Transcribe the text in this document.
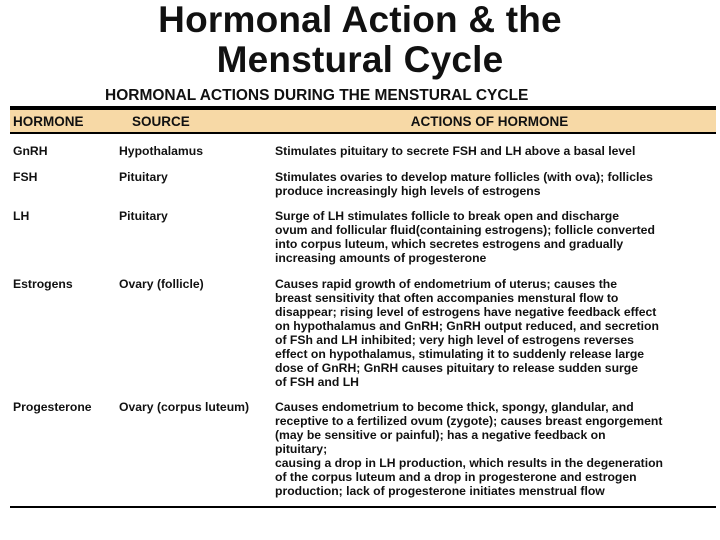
Hormonal Action & the
Menstural Cycle
HORMONAL ACTIONS DURING THE MENSTURAL CYCLE
HORMONE	SOURCE	ACTIONS OF HORMONE
GnRH	Hypothalamus	Stimulates pituitary to secrete FSH and LH above a basal level
FSH	Pituitary	Stimulates ovaries to develop mature follicles (with ova); follicles
produce increasingly high levels of estrogens
LH	Pituitary	Surge of LH stimulates follicle to break open and discharge
ovum and follicular fluid(containing estrogens); follicle converted
into corpus luteum, which secretes estrogens and gradually
increasing amounts of progesterone
Estrogens	Ovary (follicle)	Causes rapid growth of endometrium of uterus; causes the
breast sensitivity that often accompanies menstural flow to
disappear; rising level of estrogens have negative feedback effect
on hypothalamus and GnRH; GnRH output reduced, and secretion
of FSh and LH inhibited; very high level of estrogens reverses
effect on hypothalamus, stimulating it to suddenly release large
dose of GnRH; GnRH causes pituitary to release sudden surge
of FSH and LH
Progesterone	Ovary (corpus luteum)	Causes endometrium to become thick, spongy, glandular, and
receptive to a fertilized ovum (zygote); causes breast engorgement
(may be sensitive or painful); has a negative feedback on
pituitary;
causing a drop in LH production, which results in the degeneration
of the corpus luteum and a drop in progesterone and estrogen
production; lack of progesterone initiates menstrual flow
